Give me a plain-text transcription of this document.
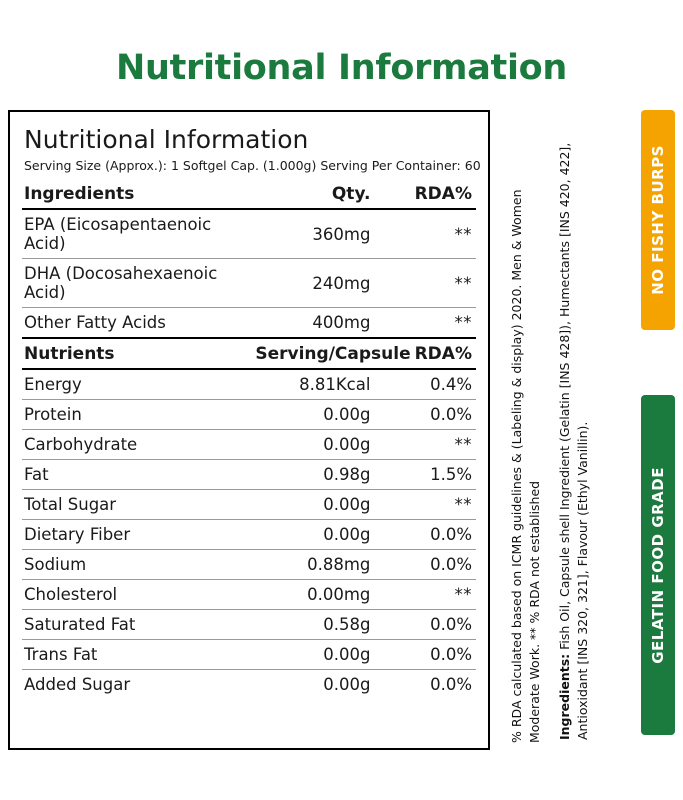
Nutritional Information
Nutritional Information
Serving Size (Approx.): 1 Softgel Cap. (1.000g) Serving Per Container: 60
Ingredients	Qty.	RDA%
EPA (Eicosapentaenoic Acid)	360mg	**
DHA (Docosahexaenoic Acid)	240mg	**
Other Fatty Acids	400mg	**
Nutrients	Serving/Capsule	RDA%
Energy	8.81Kcal	0.4%
Protein	0.00g	0.0%
Carbohydrate	0.00g	**
Fat	0.98g	1.5%
Total Sugar	0.00g	**
Dietary Fiber	0.00g	0.0%
Sodium	0.88mg	0.0%
Cholesterol	0.00mg	**
Saturated Fat	0.58g	0.0%
Trans Fat	0.00g	0.0%
Added Sugar	0.00g	0.0%	% RDA calculated based on ICMR guidelines & (Labeling & display) 2020. Men & Women Moderate Work. ** % RDA not established Ingredients: Fish Oil, Capsule shell Ingredient (Gelatin [INS 428]), Humectants [INS 420, 422], Antioxidant [INS 320, 321], Flavour (Ethyl Vanillin).
NO FISHY BURPS
GELATIN FOOD GRADE
